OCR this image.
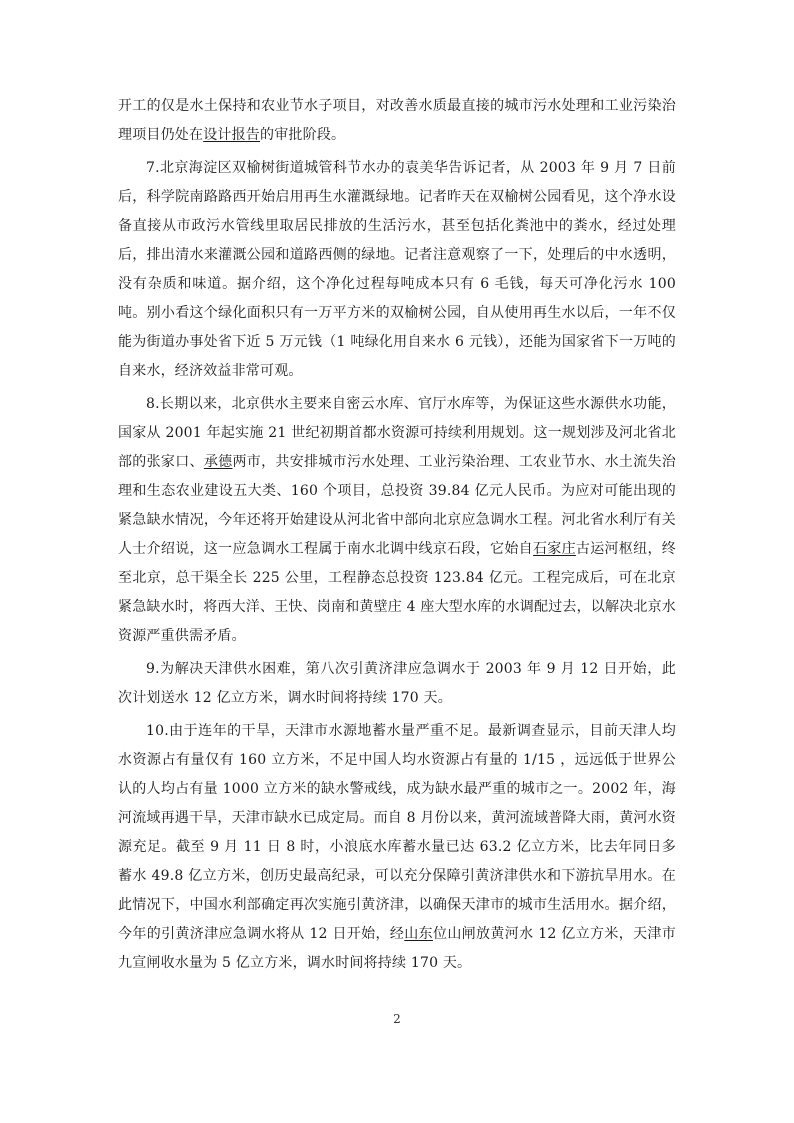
开工的仅是水土保持和农业节水子项目，对改善水质最直接的城市污水处理和工业污染治理项目仍处在设计报告的审批阶段。

7.北京海淀区双榆树街道城管科节水办的袁美华告诉记者，从 2003 年 9 月 7 日前后，科学院南路路西开始启用再生水灌溉绿地。记者昨天在双榆树公园看见，这个净水设备直接从市政污水管线里取居民排放的生活污水，甚至包括化粪池中的粪水，经过处理后，排出清水来灌溉公园和道路西侧的绿地。记者注意观察了一下，处理后的中水透明，没有杂质和味道。据介绍，这个净化过程每吨成本只有 6 毛钱，每天可净化污水 100 吨。别小看这个绿化面积只有一万平方米的双榆树公园，自从使用再生水以后，一年不仅能为街道办事处省下近 5 万元钱（1 吨绿化用自来水 6 元钱），还能为国家省下一万吨的自来水，经济效益非常可观。

8.长期以来，北京供水主要来自密云水库、官厅水库等，为保证这些水源供水功能，国家从 2001 年起实施 21 世纪初期首都水资源可持续利用规划。这一规划涉及河北省北部的张家口、承德两市，共安排城市污水处理、工业污染治理、工农业节水、水土流失治理和生态农业建设五大类、160 个项目，总投资 39.84 亿元人民币。为应对可能出现的紧急缺水情况，今年还将开始建设从河北省中部向北京应急调水工程。河北省水利厅有关人士介绍说，这一应急调水工程属于南水北调中线京石段，它始自石家庄古运河枢纽，终至北京，总干渠全长 225 公里，工程静态总投资 123.84 亿元。工程完成后，可在北京紧急缺水时，将西大洋、王快、岗南和黄壁庄 4 座大型水库的水调配过去，以解决北京水资源严重供需矛盾。

9.为解决天津供水困难，第八次引黄济津应急调水于 2003 年 9 月 12 日开始，此次计划送水 12 亿立方米，调水时间将持续 170 天。

10.由于连年的干旱，天津市水源地蓄水量严重不足。最新调查显示，目前天津人均水资源占有量仅有 160 立方米，不足中国人均水资源占有量的 1/15 ，远远低于世界公认的人均占有量 1000 立方米的缺水警戒线，成为缺水最严重的城市之一。2002 年，海河流域再遇干旱，天津市缺水已成定局。而自 8 月份以来，黄河流域普降大雨，黄河水资源充足。截至 9 月 11 日 8 时，小浪底水库蓄水量已达 63.2 亿立方米，比去年同日多蓄水 49.8 亿立方米，创历史最高纪录，可以充分保障引黄济津供水和下游抗旱用水。在此情况下，中国水利部确定再次实施引黄济津，以确保天津市的城市生活用水。据介绍，今年的引黄济津应急调水将从 12 日开始，经山东位山闸放黄河水 12 亿立方米，天津市九宣闸收水量为 5 亿立方米，调水时间将持续 170 天。

2
